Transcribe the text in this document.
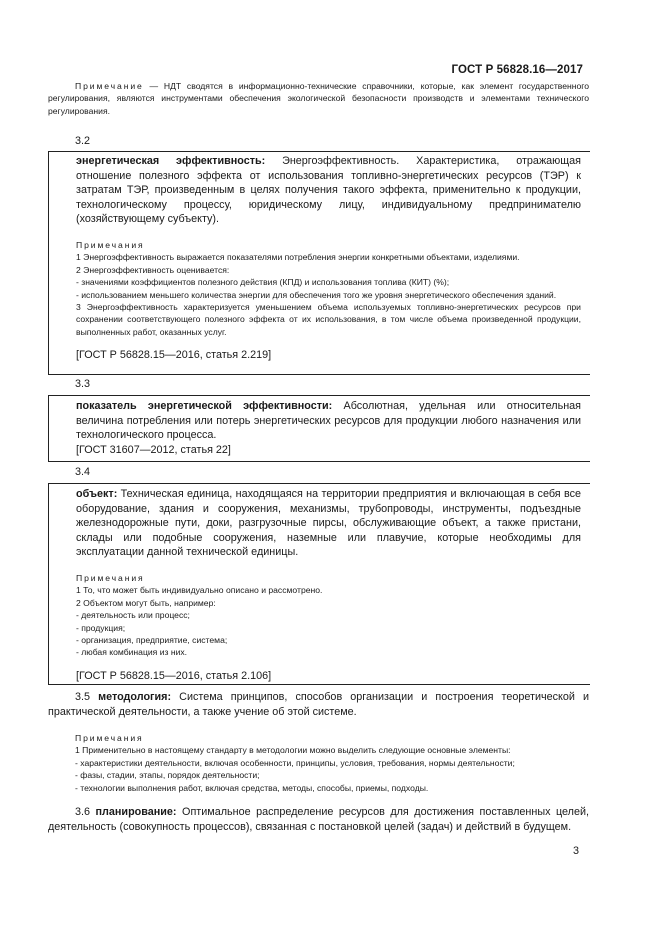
ГОСТ Р 56828.16—2017
Примечание — НДТ сводятся в информационно-технические справочники, которые, как элемент государственного регулирования, являются инструментами обеспечения экологической безопасности производств и элементами технического регулирования.
3.2
энергетическая эффективность: Энергоэффективность. Характеристика, отражающая отношение полезного эффекта от использования топливно-энергетических ресурсов (ТЭР) к затратам ТЭР, произведенным в целях получения такого эффекта, применительно к продукции, технологическому процессу, юридическому лицу, индивидуальному предпринимателю (хозяйствующему субъекту).
Примечания
1 Энергоэффективность выражается показателями потребления энергии конкретными объектами, изделиями.
2 Энергоэффективность оценивается:
- значениями коэффициентов полезного действия (КПД) и использования топлива (КИТ) (%);
- использованием меньшего количества энергии для обеспечения того же уровня энергетического обеспечения зданий.
3 Энергоэффективность характеризуется уменьшением объема используемых топливно-энергетических ресурсов при сохранении соответствующего полезного эффекта от их использования, в том числе объема произведенной продукции, выполненных работ, оказанных услуг.
[ГОСТ Р 56828.15—2016, статья 2.219]
3.3
показатель энергетической эффективности: Абсолютная, удельная или относительная величина потребления или потерь энергетических ресурсов для продукции любого назначения или технологического процесса.
[ГОСТ 31607—2012, статья 22]
3.4
объект: Техническая единица, находящаяся на территории предприятия и включающая в себя все оборудование, здания и сооружения, механизмы, трубопроводы, инструменты, подъездные железнодорожные пути, доки, разгрузочные пирсы, обслуживающие объект, а также пристани, склады или подобные сооружения, наземные или плавучие, которые необходимы для эксплуатации данной технической единицы.
Примечания
1 То, что может быть индивидуально описано и рассмотрено.
2 Объектом могут быть, например:
- деятельность или процесс;
- продукция;
- организация, предприятие, система;
- любая комбинация из них.
[ГОСТ Р 56828.15—2016, статья 2.106]
3.5 методология: Система принципов, способов организации и построения теоретической и практической деятельности, а также учение об этой системе.
Примечания
1 Применительно в настоящему стандарту в методологии можно выделить следующие основные элементы:
- характеристики деятельности, включая особенности, принципы, условия, требования, нормы деятельности;
- фазы, стадии, этапы, порядок деятельности;
- технологии выполнения работ, включая средства, методы, способы, приемы, подходы.
3.6 планирование: Оптимальное распределение ресурсов для достижения поставленных целей, деятельность (совокупность процессов), связанная с постановкой целей (задач) и действий в будущем.
3
